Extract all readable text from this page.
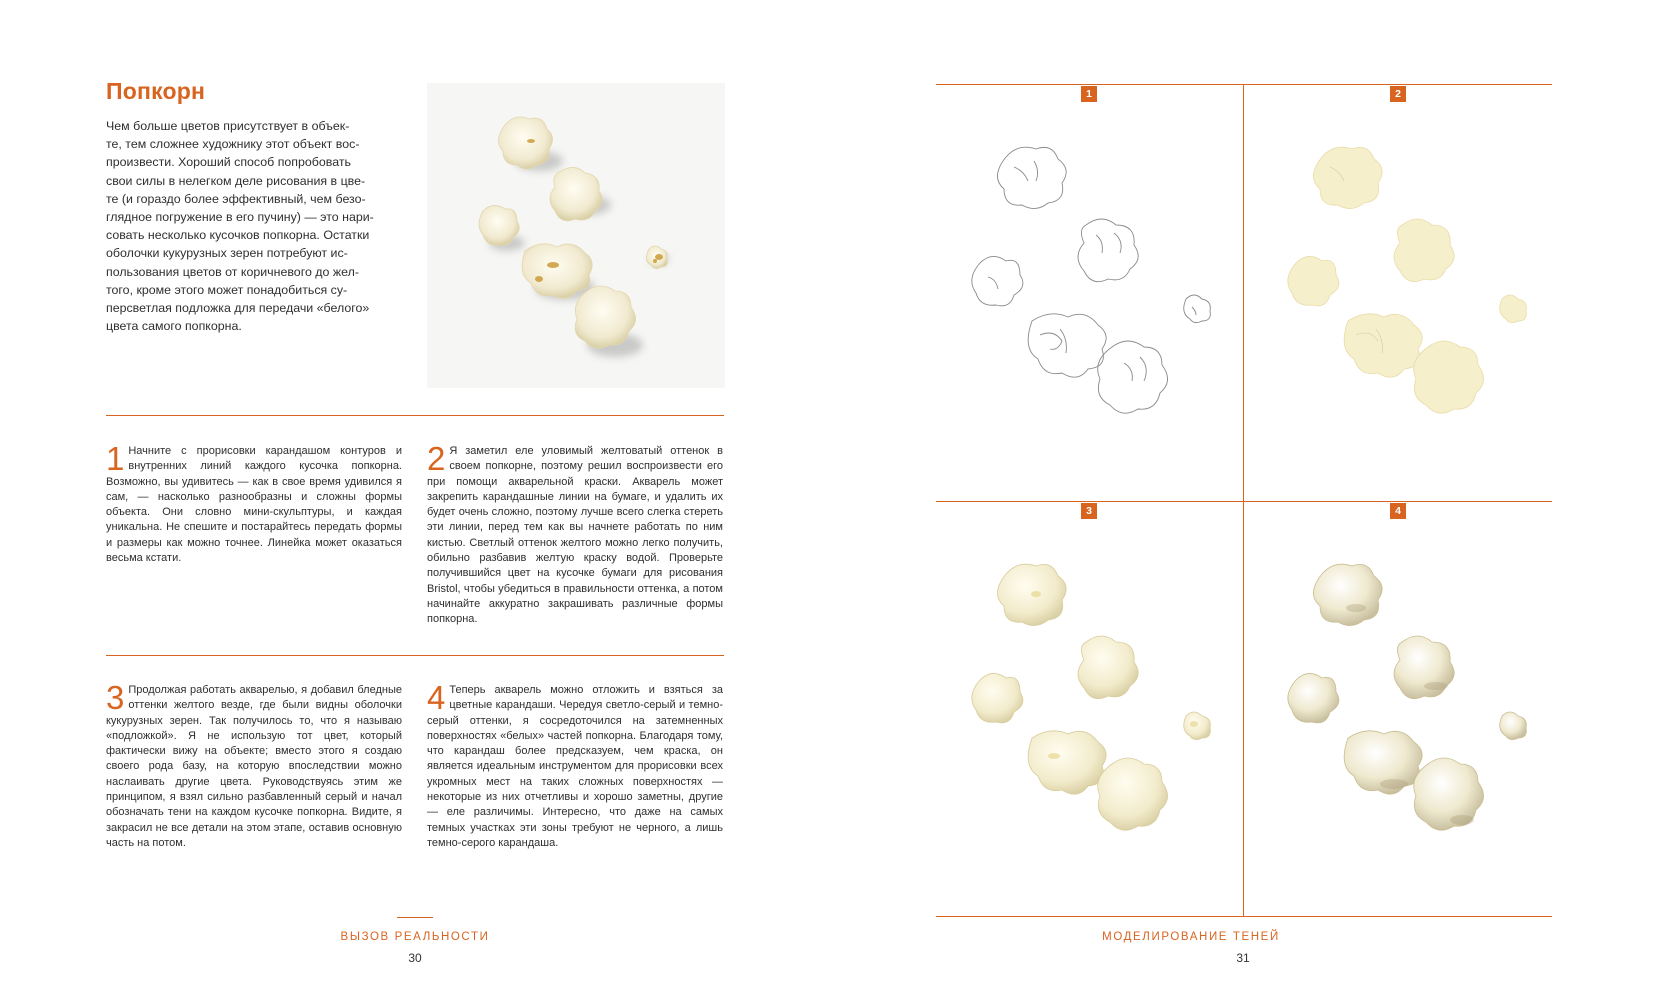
Попкорн
Чем больше цветов присутствует в объек-
те, тем сложнее художнику этот объект вос-
произвести. Хороший способ попробовать
свои силы в нелегком деле рисования в цве-
те (и гораздо более эффективный, чем безо-
глядное погружение в его пучину) — это нари-
совать несколько кусочков попкорна. Остатки
оболочки кукурузных зерен потребуют ис-
пользования цветов от коричневого до жел-
того, кроме этого может понадобиться су-
персветлая подложка для передачи «белого»
цвета самого попкорна.
1 Начните с прорисовки карандашом контуров и внутренних линий каждого кусочка попкорна. Возможно, вы удивитесь — как в свое время удивился я сам, — насколько разнообразны и сложны формы объекта. Они словно мини-скульптуры, и каждая уникальна. Не спешите и постарайтесь передать формы и размеры как можно точнее. Линейка может оказаться весьма кстати.
2 Я заметил еле уловимый желтоватый оттенок в своем попкорне, поэтому решил воспроизвести его при помощи акварельной краски. Акварель может закрепить карандашные линии на бумаге, и удалить их будет очень сложно, поэтому лучше всего слегка стереть эти линии, перед тем как вы начнете работать по ним кистью. Светлый оттенок желтого можно легко получить, обильно разбавив желтую краску водой. Проверьте получившийся цвет на кусочке бумаги для рисования Bristol, чтобы убедиться в правильности оттенка, а потом начинайте аккуратно закрашивать различные формы попкорна.
3 Продолжая работать акварелью, я добавил бледные оттенки желтого везде, где были видны оболочки кукурузных зерен. Так получилось то, что я называю «подложкой». Я не использую тот цвет, который фактически вижу на объекте; вместо этого я создаю своего рода базу, на которую впоследствии можно наслаивать другие цвета. Руководствуясь этим же принципом, я взял сильно разбавленный серый и начал обозначать тени на каждом кусочке попкорна. Видите, я закрасил не все детали на этом этапе, оставив основную часть на потом.
4 Теперь акварель можно отложить и взяться за цветные карандаши. Чередуя светло-серый и темно-серый оттенки, я сосредоточился на затемненных поверхностях «белых» частей попкорна. Благодаря тому, что карандаш более предсказуем, чем краска, он является идеальным инструментом для прорисовки всех укромных мест на таких сложных поверхностях — некоторые из них отчетливы и хорошо заметны, другие — еле различимы. Интересно, что даже на самых темных участках эти зоны требуют не черного, а лишь темно-серого карандаша.
ВЫЗОВ РЕАЛЬНОСТИ
30
1	2
3	4
МОДЕЛИРОВАНИЕ ТЕНЕЙ
31
